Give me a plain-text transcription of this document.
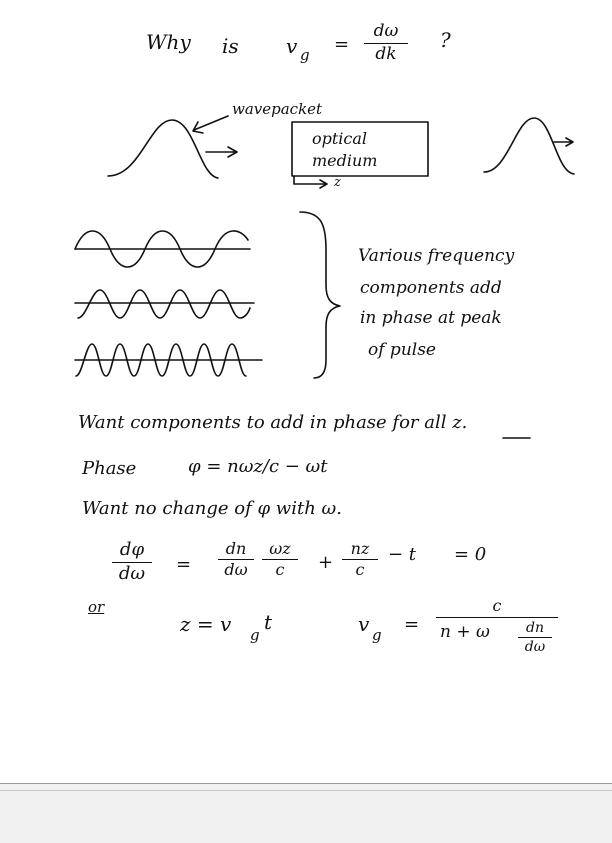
Why is v g =
dω
dk
?
wavepacket
optical medium
z
Various frequency
components add
in phase at peak
of pulse
Want components to add in phase for all z.
Phase	φ = nωz/c − ωt
Want no change of φ with ω.
dφ
dω	=
dn
dω
ωz
c	+
nz
c
− t = 0
or
z = v g
t	v g =
c
n + ω	dn
dω
